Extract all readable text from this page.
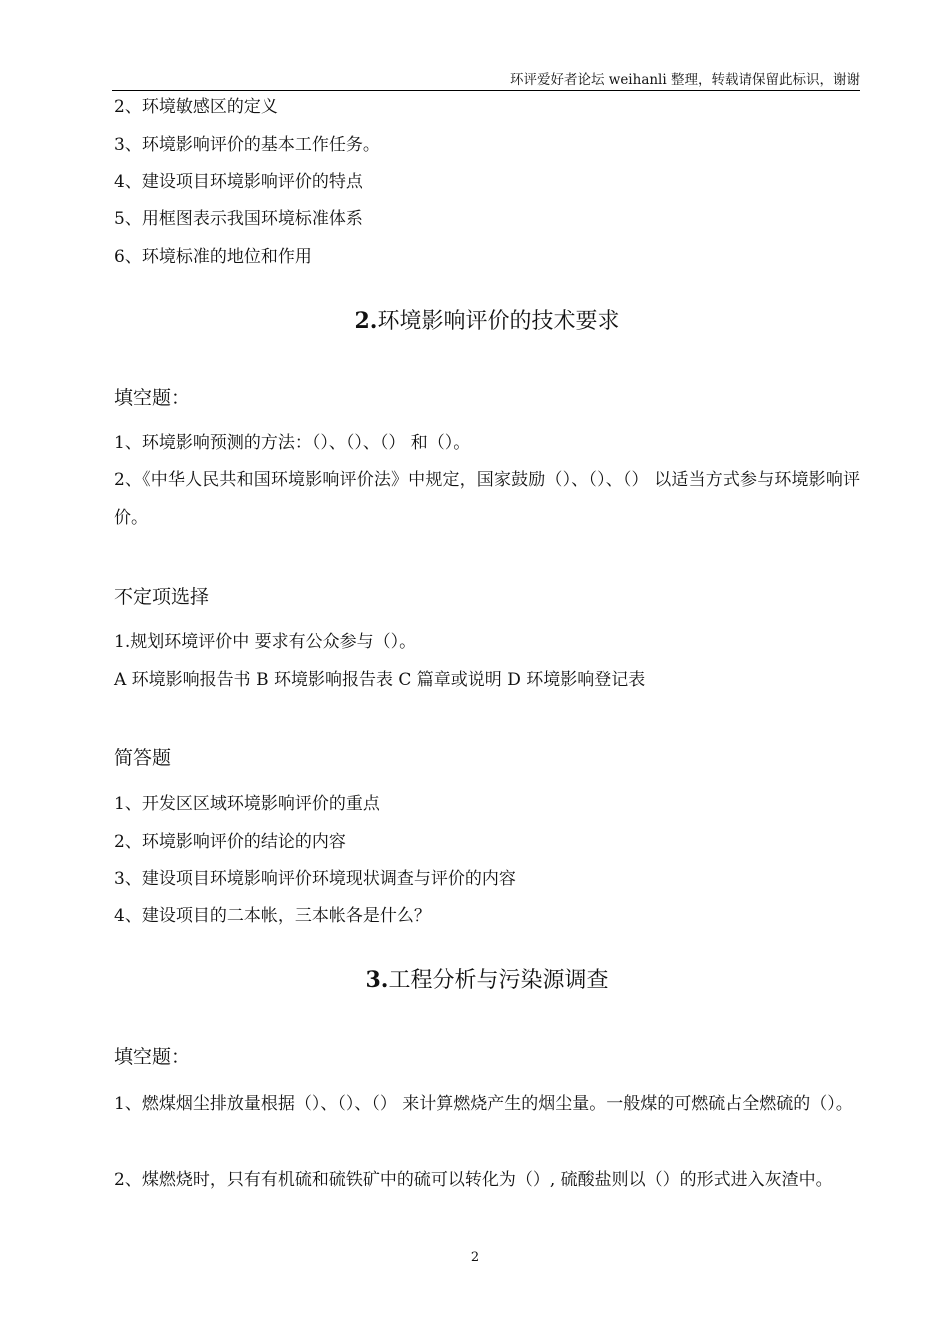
环评爱好者论坛 weihanli 整理，转载请保留此标识，谢谢
2、环境敏感区的定义
3、环境影响评价的基本工作任务。
4、建设项目环境影响评价的特点
5、用框图表示我国环境标准体系
6、环境标准的地位和作用
2.环境影响评价的技术要求
填空题：
1、环境影响预测的方法：（）、（）、（） 和（）。
2、《中华人民共和国环境影响评价法》中规定，国家鼓励（）、（）、（） 以适当方式参与环境影响评价。
不定项选择
1.规划环境评价中 要求有公众参与（）。
A 环境影响报告书 B 环境影响报告表 C 篇章或说明 D 环境影响登记表
简答题
1、开发区区域环境影响评价的重点
2、环境影响评价的结论的内容
3、建设项目环境影响评价环境现状调查与评价的内容
4、建设项目的二本帐，三本帐各是什么？
3.工程分析与污染源调查
填空题：
1、燃煤烟尘排放量根据（）、（）、（） 来计算燃烧产生的烟尘量。一般煤的可燃硫占全燃硫的（）。
2、煤燃烧时，只有有机硫和硫铁矿中的硫可以转化为（）, 硫酸盐则以（）的形式进入灰渣中。
2
